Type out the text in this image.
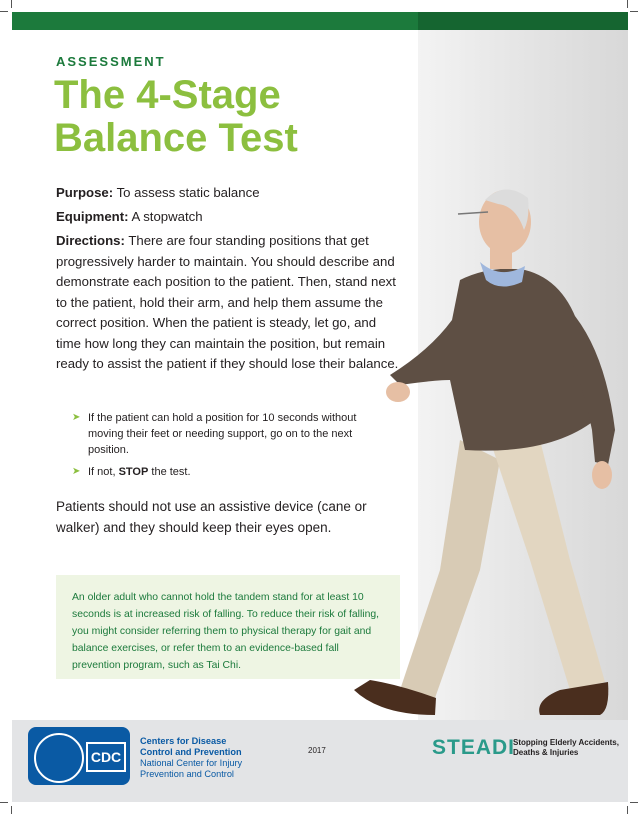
ASSESSMENT
The 4-Stage
Balance Test
Purpose: To assess static balance
Equipment: A stopwatch
Directions: There are four standing positions that get progressively harder to maintain. You should describe and demonstrate each position to the patient. Then, stand next to the patient, hold their arm, and help them assume the correct position. When the patient is steady, let go, and time how long they can maintain the position, but remain ready to assist the patient if they should lose their balance.
➤ If the patient can hold a position for 10 seconds without moving their feet or needing support, go on to the next position.
➤ If not, STOP the test.
Patients should not use an assistive device (cane or walker) and they should keep their eyes open.
An older adult who cannot hold the tandem stand for at least 10 seconds is at increased risk of falling. To reduce their risk of falling, you might consider referring them to physical therapy for gait and balance exercises, or refer them to an evidence-based fall prevention program, such as Tai Chi.
CDC
Centers for Disease
Control and Prevention
National Center for Injury
Prevention and Control
2017	STEADI
Stopping Elderly Accidents,
Deaths & Injuries
